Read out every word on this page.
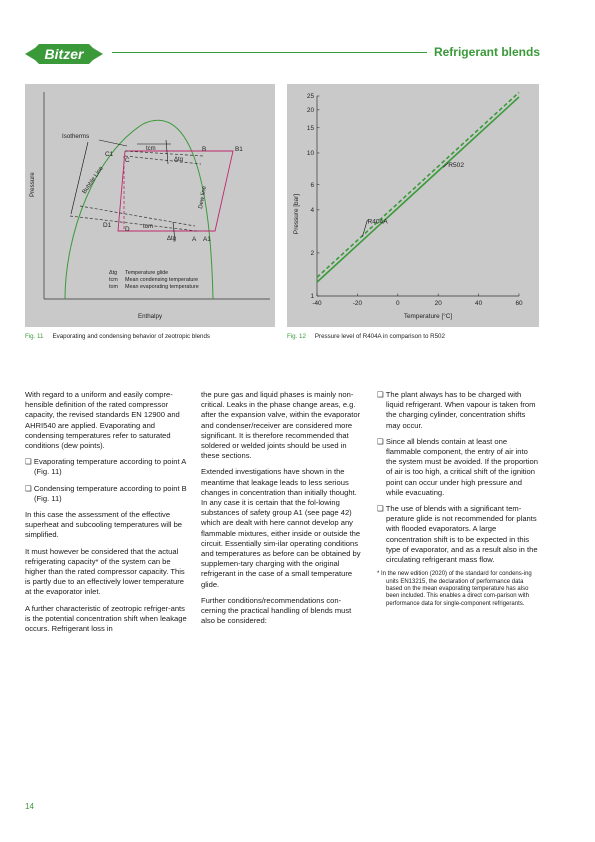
Bitzer	Refrigerant blends
Pressure
Enthalpy
Isotherms
Bubble Line
Dew line
C1
C
B	B1
D1
D
A A1
tcm
tom
Δtg
Δtg
Δtg Temperature glide
tcm Mean condensing temperature
tom Mean evaporating temperature
-40	-20	0	20	40	60
1
2
4
6
10
15
20
25
R502
R404A
Temperature [°C]
Pressure [bar]
Fig. 11 Evaporating and condensing behavior of zeotropic blends	Fig. 12 Pressure level of R404A in comparison to R502

With regard to a uniform and easily compre-hensible definition of the rated compressor capacity, the revised standards EN 12900 and AHRI540 are applied. Evaporating and condensing temperatures refer to saturated conditions (dew points).

❑ Evaporating temperature according to point A (Fig. 11)

❑ Condensing temperature according to point B (Fig. 11)

In this case the assessment of the effective superheat and subcooling temperatures will be simplified.

It must however be considered that the actual refrigerating capacity* of the system can be higher than the rated compressor capacity. This is partly due to an effectively lower temperature at the evaporator inlet.

A further characteristic of zeotropic refriger-ants is the potential concentration shift when leakage occurs. Refrigerant loss in

the pure gas and liquid phases is mainly non-critical. Leaks in the phase change areas, e.g. after the expansion valve, within the evaporator and condenser/receiver are considered more significant. It is therefore recommended that soldered or welded joints should be used in these sections.

Extended investigations have shown in the meantime that leakage leads to less serious changes in concentration than initially thought. In any case it is certain that the fol-lowing substances of safety group A1 (see page 42) which are dealt with here cannot develop any flammable mixtures, either inside or outside the circuit. Essentially sim-ilar operating conditions and temperatures as before can be obtained by supplemen-tary charging with the original refrigerant in the case of a small temperature glide.

Further conditions/recommendations con-cerning the practical handling of blends must also be considered:

❑ The plant always has to be charged with liquid refrigerant. When vapour is taken from the charging cylinder, concentration shifts may occur.

❑ Since all blends contain at least one flammable component, the entry of air into the system must be avoided. If the proportion of air is too high, a critical shift of the ignition point can occur under high pressure and while evacuating.

❑ The use of blends with a significant tem-perature glide is not recommended for plants with flooded evaporators. A large concentration shift is to be expected in this type of evaporator, and as a result also in the circulating refrigerant mass flow.

* In the new edition (2020) of the standard for condens-ing units EN13215, the declaration of performance data based on the mean evaporating temperature has also been included. This enables a direct com-parison with performance data for single-component refrigerants.

14
